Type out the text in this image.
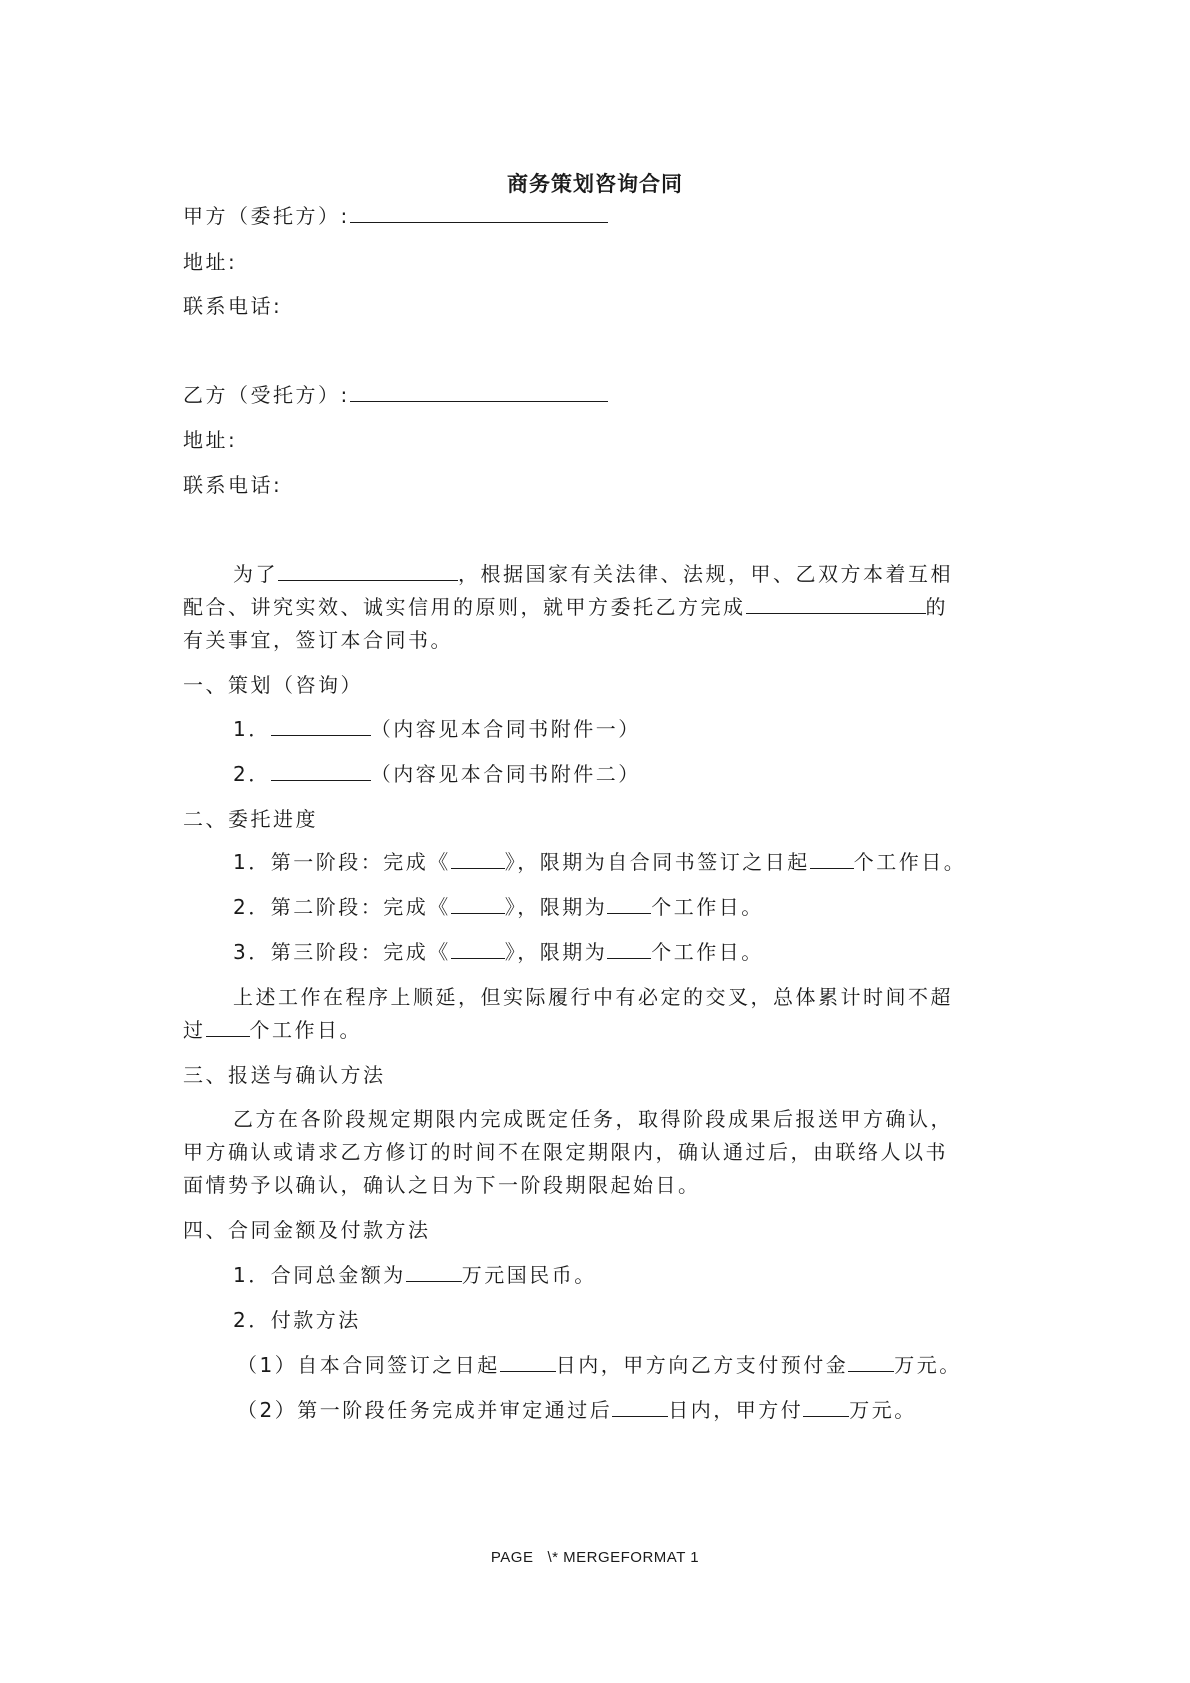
商务策划咨询合同
甲方（委托方）:
地址:
联系电话:
乙方（受托方）:
地址:
联系电话:
为了	，根据国家有关法律、法规，甲、乙双方本着互相
配合、讲究实效、诚实信用的原则，就甲方委托乙方完成	的
有关事宜，签订本合同书。
一、策划（咨询）
1．	（内容见本合同书附件一）
2．	（内容见本合同书附件二）
二、委托进度
1．第一阶段：完成《	》，限期为自合同书签订之日起 个工作日。
2．第二阶段：完成《	》，限期为 个工作日。
3．第三阶段：完成《	》，限期为 个工作日。
上述工作在程序上顺延，但实际履行中有必定的交叉，总体累计时间不超
过 个工作日。
三、报送与确认方法
乙方在各阶段规定期限内完成既定任务，取得阶段成果后报送甲方确认，
甲方确认或请求乙方修订的时间不在限定期限内，确认通过后，由联络人以书
面情势予以确认，确认之日为下一阶段期限起始日。
四、合同金额及付款方法
1．合同总金额为	万元国民币。
2．付款方法
（1）自本合同签订之日起	日内，甲方向乙方支付预付金 万元。
（2）第一阶段任务完成并审定通过后	日内，甲方付 万元。
PAGE   \* MERGEFORMAT 1
